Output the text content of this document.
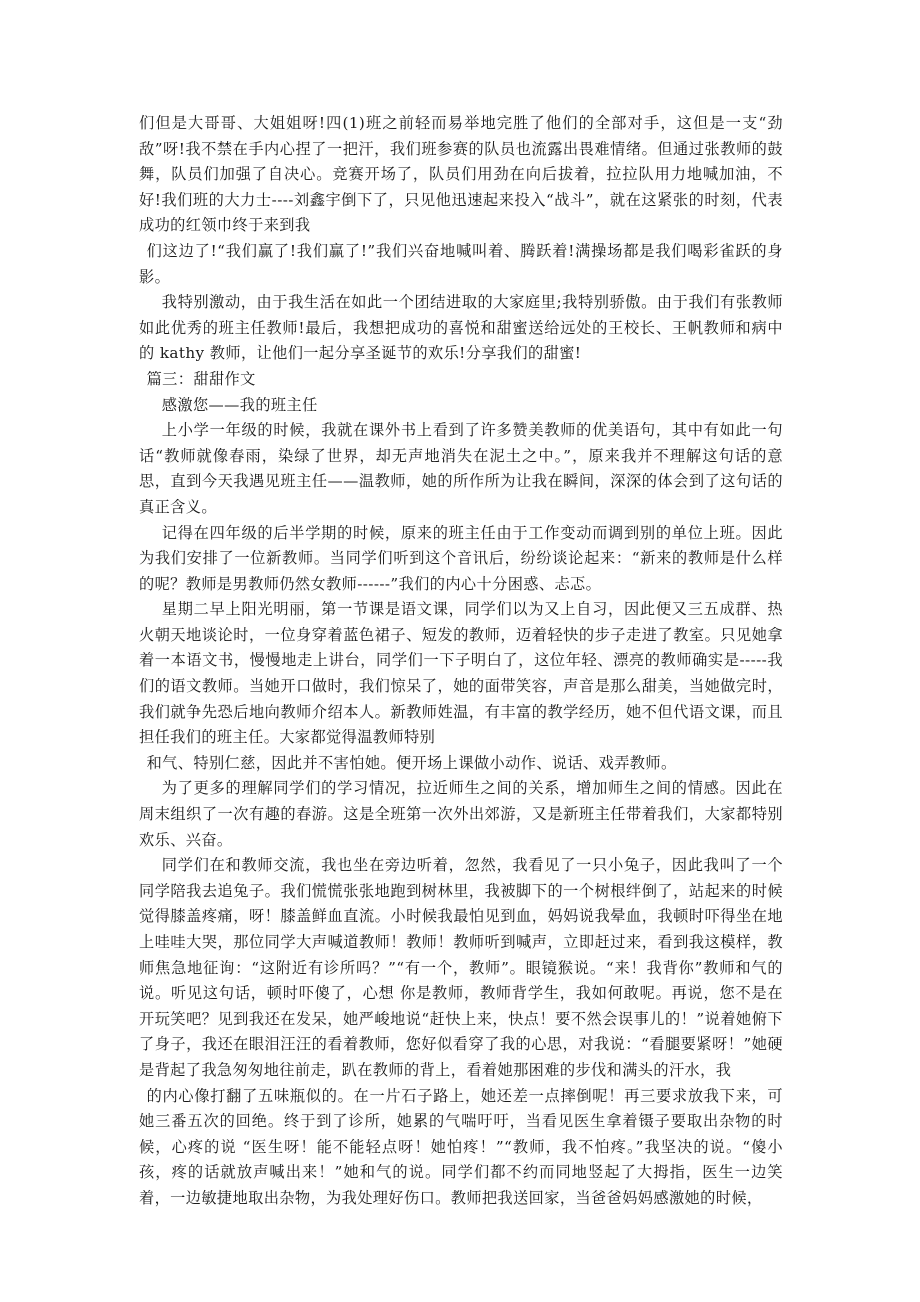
们但是大哥哥、大姐姐呀!四(1)班之前轻而易举地完胜了他们的全部对手，这但是一支“劲敌”呀!我不禁在手内心捏了一把汗，我们班参赛的队员也流露出畏难情绪。但通过张教师的鼓舞，队员们加强了自决心。竞赛开场了，队员们用劲在向后拔着，拉拉队用力地喊加油，不好!我们班的大力士----刘鑫宇倒下了，只见他迅速起来投入“战斗”，就在这紧张的时刻，代表成功的红领巾终于来到我

们这边了!“我们赢了!我们赢了!”我们兴奋地喊叫着、腾跃着!满操场都是我们喝彩雀跃的身影。

我特别激动，由于我生活在如此一个团结进取的大家庭里;我特别骄傲。由于我们有张教师如此优秀的班主任教师!最后，我想把成功的喜悦和甜蜜送给远处的王校长、王帆教师和病中的 kathy 教师，让他们一起分享圣诞节的欢乐!分享我们的甜蜜!

篇三：甜甜作文

感激您——我的班主任

上小学一年级的时候，我就在课外书上看到了许多赞美教师的优美语句，其中有如此一句话“教师就像春雨，染绿了世界，却无声地消失在泥土之中。”，原来我并不理解这句话的意思，直到今天我遇见班主任——温教师，她的所作所为让我在瞬间，深深的体会到了这句话的真正含义。

记得在四年级的后半学期的时候，原来的班主任由于工作变动而调到别的单位上班。因此为我们安排了一位新教师。当同学们听到这个音讯后，纷纷谈论起来：“新来的教师是什么样的呢？教师是男教师仍然女教师------”我们的内心十分困惑、忐忑。

星期二早上阳光明丽，第一节课是语文课，同学们以为又上自习，因此便又三五成群、热火朝天地谈论时，一位身穿着蓝色裙子、短发的教师，迈着轻快的步子走进了教室。只见她拿着一本语文书，慢慢地走上讲台，同学们一下子明白了，这位年轻、漂亮的教师确实是-----我们的语文教师。当她开口做时，我们惊呆了，她的面带笑容，声音是那么甜美，当她做完时，我们就争先恐后地向教师介绍本人。新教师姓温，有丰富的教学经历，她不但代语文课，而且担任我们的班主任。大家都觉得温教师特别

和气、特别仁慈，因此并不害怕她。便开场上课做小动作、说话、戏弄教师。

为了更多的理解同学们的学习情况，拉近师生之间的关系，增加师生之间的情感。因此在周末组织了一次有趣的春游。这是全班第一次外出郊游，又是新班主任带着我们，大家都特别欢乐、兴奋。

同学们在和教师交流，我也坐在旁边听着，忽然，我看见了一只小兔子，因此我叫了一个同学陪我去追兔子。我们慌慌张张地跑到树林里，我被脚下的一个树根绊倒了，站起来的时候觉得膝盖疼痛，呀！膝盖鲜血直流。小时候我最怕见到血，妈妈说我晕血，我顿时吓得坐在地上哇哇大哭，那位同学大声喊道教师！教师！教师听到喊声，立即赶过来，看到我这模样，教师焦急地征询：“这附近有诊所吗？”“有一个，教师”。眼镜猴说。“来！我背你”教师和气的说。听见这句话，顿时吓傻了，心想 你是教师，教师背学生，我如何敢呢。再说，您不是在开玩笑吧？见到我还在发呆，她严峻地说“赶快上来，快点！要不然会误事儿的！”说着她俯下了身子，我还在眼泪汪汪的看着教师，您好似看穿了我的心思，对我说：“看腿要紧呀！”她硬是背起了我急匆匆地往前走，趴在教师的背上，看着她那困难的步伐和满头的汗水，我

的内心像打翻了五味瓶似的。在一片石子路上，她还差一点摔倒呢！再三要求放我下来，可她三番五次的回绝。终于到了诊所，她累的气喘吁吁，当看见医生拿着镊子要取出杂物的时候，心疼的说 “医生呀！能不能轻点呀！她怕疼！”“教师，我不怕疼。”我坚决的说。“傻小孩，疼的话就放声喊出来！”她和气的说。同学们都不约而同地竖起了大拇指，医生一边笑着，一边敏捷地取出杂物，为我处理好伤口。教师把我送回家，当爸爸妈妈感激她的时候，
